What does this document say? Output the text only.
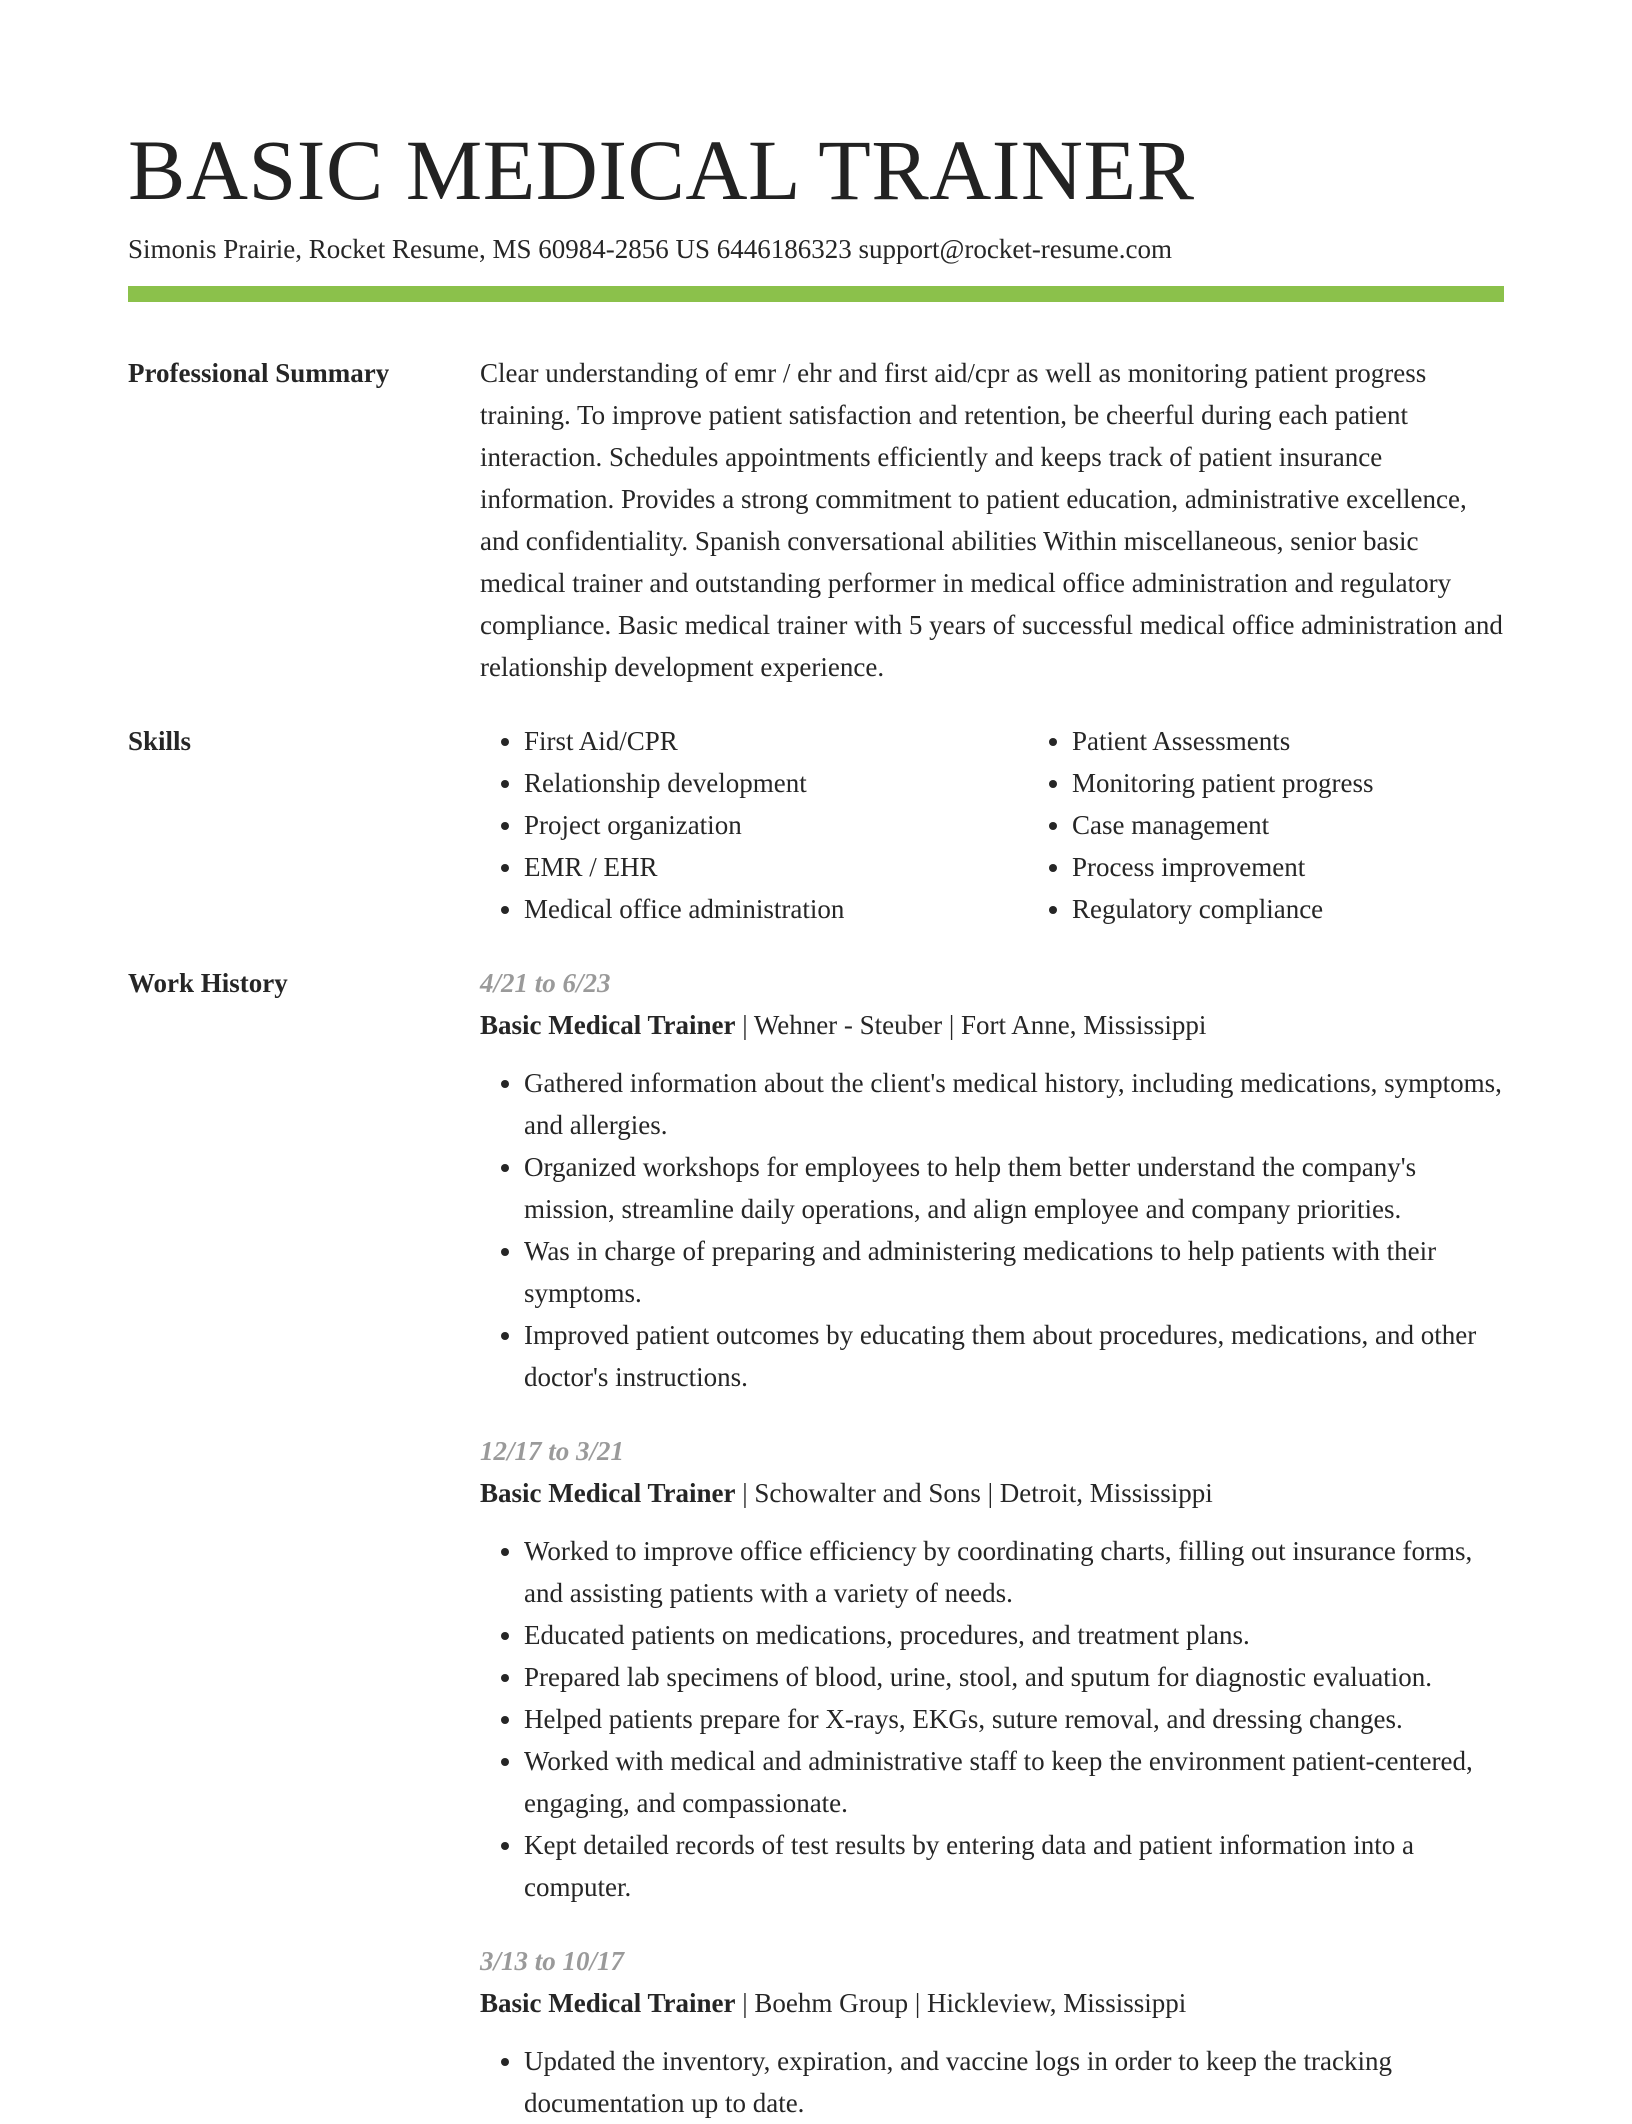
BASIC MEDICAL TRAINER
Simonis Prairie, Rocket Resume, MS 60984-2856 US 6446186323 support@rocket-resume.com
Professional Summary	Clear understanding of emr / ehr and first aid/cpr as well as monitoring patient progress training. To improve patient satisfaction and retention, be cheerful during each patient interaction. Schedules appointments efficiently and keeps track of patient insurance information. Provides a strong commitment to patient education, administrative excellence, and confidentiality. Spanish conversational abilities Within miscellaneous, senior basic medical trainer and outstanding performer in medical office administration and regulatory compliance. Basic medical trainer with 5 years of successful medical office administration and relationship development experience.
Skills
•	First Aid/CPR
• Relationship development
• Project organization
• EMR / EHR
• Medical office administration
• Patient Assessments
• Monitoring patient progress
• Case management
• Process improvement
• Regulatory compliance
Work History	4/21 to 6/23
Basic Medical Trainer | Wehner - Steuber | Fort Anne, Mississippi
• Gathered information about the client's medical history, including medications, symptoms, and allergies.
• Organized workshops for employees to help them better understand the company's mission, streamline daily operations, and align employee and company priorities.
• Was in charge of preparing and administering medications to help patients with their symptoms.
• Improved patient outcomes by educating them about procedures, medications, and other doctor's instructions.
12/17 to 3/21
Basic Medical Trainer | Schowalter and Sons | Detroit, Mississippi
• Worked to improve office efficiency by coordinating charts, filling out insurance forms, and assisting patients with a variety of needs.
• Educated patients on medications, procedures, and treatment plans.
• Prepared lab specimens of blood, urine, stool, and sputum for diagnostic evaluation.
• Helped patients prepare for X-rays, EKGs, suture removal, and dressing changes.
• Worked with medical and administrative staff to keep the environment patient-centered, engaging, and compassionate.
• Kept detailed records of test results by entering data and patient information into a computer.
3/13 to 10/17
Basic Medical Trainer | Boehm Group | Hickleview, Mississippi
• Updated the inventory, expiration, and vaccine logs in order to keep the tracking documentation up to date.
